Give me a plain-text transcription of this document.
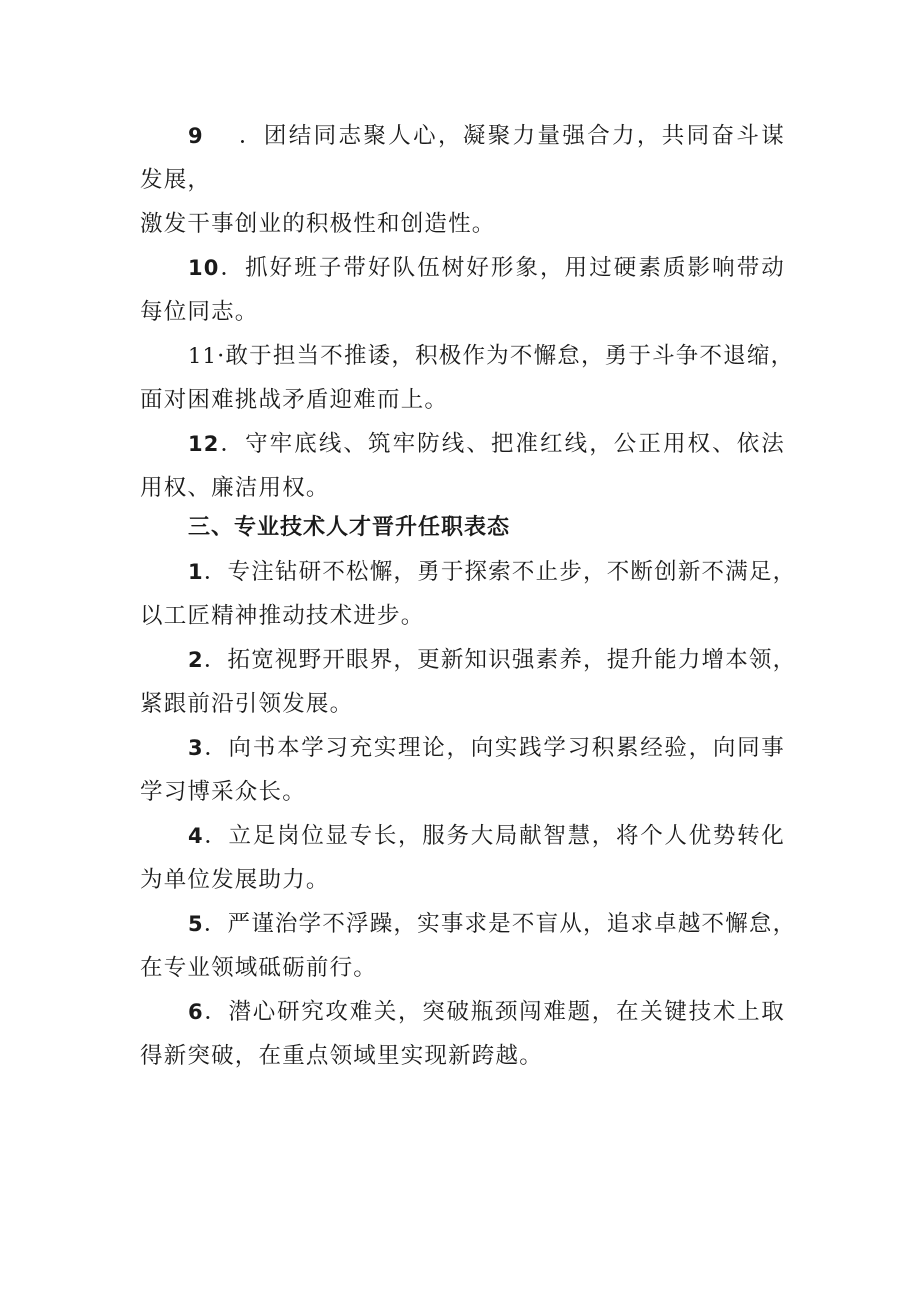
9 ．团结同志聚人心，凝聚力量强合力，共同奋斗谋
发展，
激发干事创业的积极性和创造性。
10．抓好班子带好队伍树好形象，用过硬素质影响带动
每位同志。
11·敢于担当不推诿，积极作为不懈怠，勇于斗争不退缩，
面对困难挑战矛盾迎难而上。
12．守牢底线、筑牢防线、把准红线，公正用权、依法
用权、廉洁用权。
三、专业技术人才晋升任职表态
1．专注钻研不松懈，勇于探索不止步，不断创新不满足，
以工匠精神推动技术进步。
2．拓宽视野开眼界，更新知识强素养，提升能力增本领，
紧跟前沿引领发展。
3．向书本学习充实理论，向实践学习积累经验，向同事
学习博采众长。
4．立足岗位显专长，服务大局献智慧，将个人优势转化
为单位发展助力。
5．严谨治学不浮躁，实事求是不盲从，追求卓越不懈怠，
在专业领域砥砺前行。
6．潜心研究攻难关，突破瓶颈闯难题，在关键技术上取
得新突破，在重点领域里实现新跨越。
